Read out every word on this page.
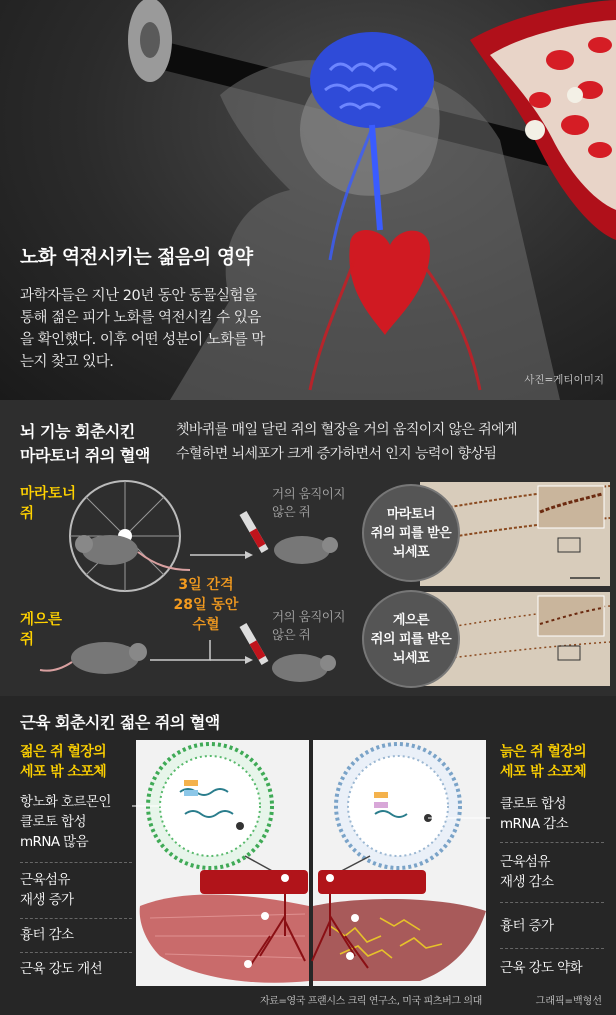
노화 역전시키는 젊음의 영약
과학자들은 지난 20년 동안 동물실험을 통해 젊은 피가 노화를 역전시킬 수 있음을 확인했다. 이후 어떤 성분이 노화를 막는지 찾고 있다.
사진=게티이미지
뇌 기능 회춘시킨
마라토너 쥐의 혈액
쳇바퀴를 매일 달린 쥐의 혈장을 거의 움직이지 않은 쥐에게
수혈하면 뇌세포가 크게 증가하면서 인지 능력이 향상됨
마라토너
쥐
게으른
쥐
3일 간격
28일 동안
수혈
거의 움직이지
않은 쥐
거의 움직이지
않은 쥐
마라토너
쥐의 피를 받은
뇌세포
게으른
쥐의 피를 받은
뇌세포
근육 회춘시킨 젊은 쥐의 혈액
젊은 쥐 혈장의
세포 밖 소포체
항노화 호르몬인
클로토 합성
mRNA 많음
근육섬유
재생 증가
흉터 감소
근육 강도 개선
늙은 쥐 혈장의
세포 밖 소포체
클로토 합성
mRNA 감소
근육섬유
재생 감소
흉터 증가
근육 강도 약화
자료=영국 프랜시스 크릭 연구소, 미국 피츠버그 의대	그래픽=백형선
